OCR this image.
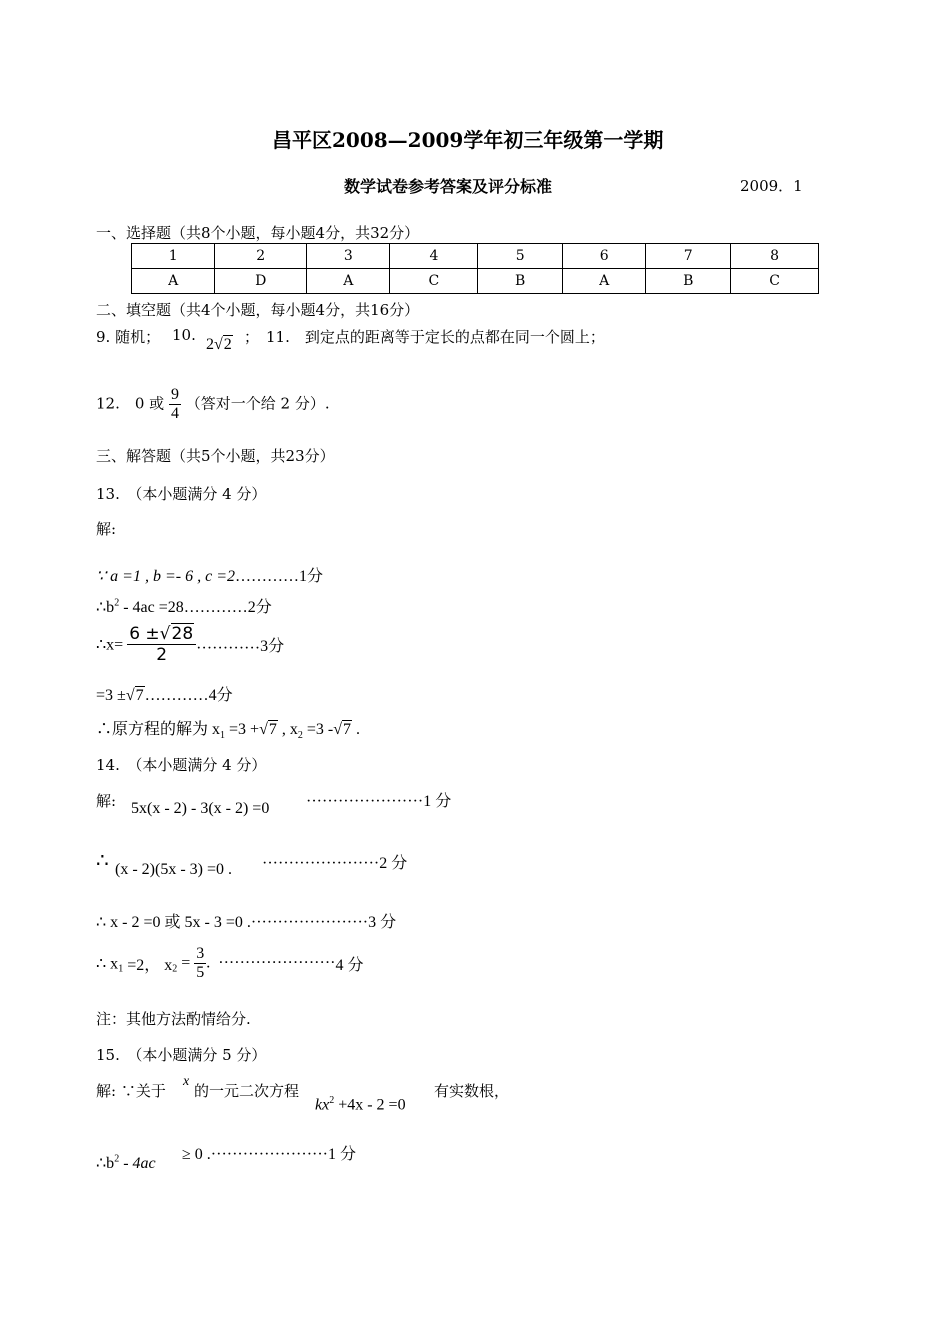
昌平区2008—2009学年初三年级第一学期
数学试卷参考答案及评分标准	2009．1
一、选择题（共8个小题，每小题4分，共32分）
1	2	3	4	5	6	7	8
A	D	A	C	B	A	B	C
二、填空题（共4个小题，每小题4分，共16分）
9. 随机； 10.
2√2 ； 11.　到定点的距离等于定长的点都在同一个圆上；
12.　0 或 $\frac{9}{4}$ （答对一个给 2 分）.
三、解答题（共5个小题，共23分）
13.　（本小题满分 4 分）
解:
∵ a =1 , b =- 6 , c =2…………1分
$\therefore b^2 - 4ac$ =28…………2分
∴x= $\frac{6 \pm√28}{2}$ …………3分
=3 ±√7…………4分
∴原方程的解为 $x_1 =3 +√7$ , $x_2 =3$ -√7 .
14.　（本小题满分 4 分）
解: 5x(x - 2) - 3(x - 2) =0 ······················1 分
∴ (x - 2)(5x - 3) =0 . ······················2 分
∴ x - 2 =0 或 5x - 3 =0 .······················3 分
∴ $x_1 =2$， $x_2 = \frac{3}{5}$ . ······················4 分
注：其他方法酌情给分.
15.　（本小题满分 5 分）
解: ∵关于
x
的一元二次方程
$kx^2 +4x - 2 =0$
有实数根，
$\therefore b^2 - 4ac$
≥ 0 .······················1 分
